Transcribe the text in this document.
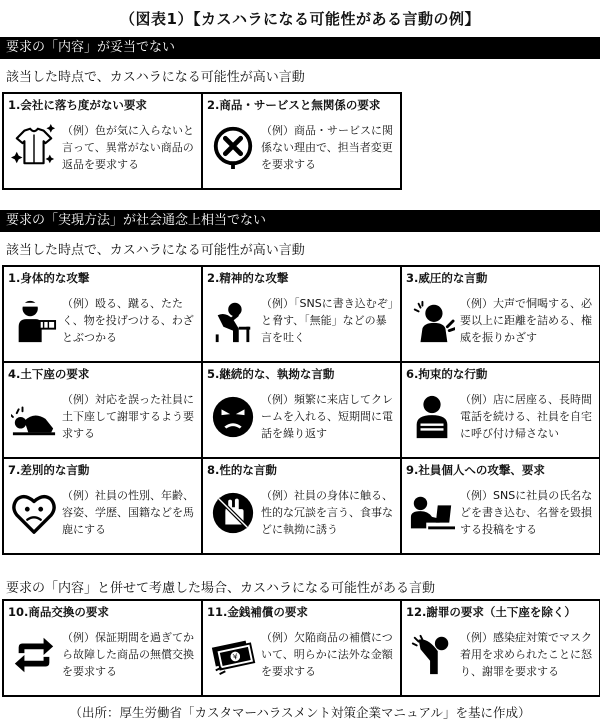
（図表1）【カスハラになる可能性がある言動の例】
要求の「内容」が妥当でない
該当した時点で、カスハラになる可能性が高い言動
1.会社に落ち度がない要求
（例）色が気に入らないと言って、異常がない商品の返品を要求する
2.商品・サービスと無関係の要求
（例）商品・サービスに関係ない理由で、担当者変更を要求する
要求の「実現方法」が社会通念上相当でない
該当した時点で、カスハラになる可能性が高い言動
1.身体的な攻撃
（例）殴る、蹴る、たたく、物を投げつける、わざとぶつかる
2.精神的な攻撃
（例）「SNSに書き込むぞ」と脅す、「無能」などの暴言を吐く
3.威圧的な言動
（例）大声で恫喝する、必要以上に距離を詰める、権威を振りかざす
4.土下座の要求
（例）対応を誤った社員に土下座して謝罪するよう要求する
5.継続的な、執拗な言動
（例）頻繁に来店してクレームを入れる、短期間に電話を繰り返す
6.拘束的な行動
（例）店に居座る、長時間電話を続ける、社員を自宅に呼び付け帰さない
7.差別的な言動
（例）社員の性別、年齢、容姿、学歴、国籍などを馬鹿にする
8.性的な言動
（例）社員の身体に触る、性的な冗談を言う、食事などに執拗に誘う
9.社員個人への攻撃、要求
（例）SNSに社員の氏名などを書き込む、名誉を毀損する投稿をする
要求の「内容」と併せて考慮した場合、カスハラになる可能性がある言動
10.商品交換の要求
（例）保証期間を過ぎてから故障した商品の無償交換を要求する
11.金銭補償の要求
¥
（例）欠陥商品の補償について、明らかに法外な金額を要求する
12.謝罪の要求（土下座を除く）
（例）感染症対策でマスク着用を求められたことに怒り、謝罪を要求する
（出所：厚生労働省「カスタマーハラスメント対策企業マニュアル」を基に作成）
